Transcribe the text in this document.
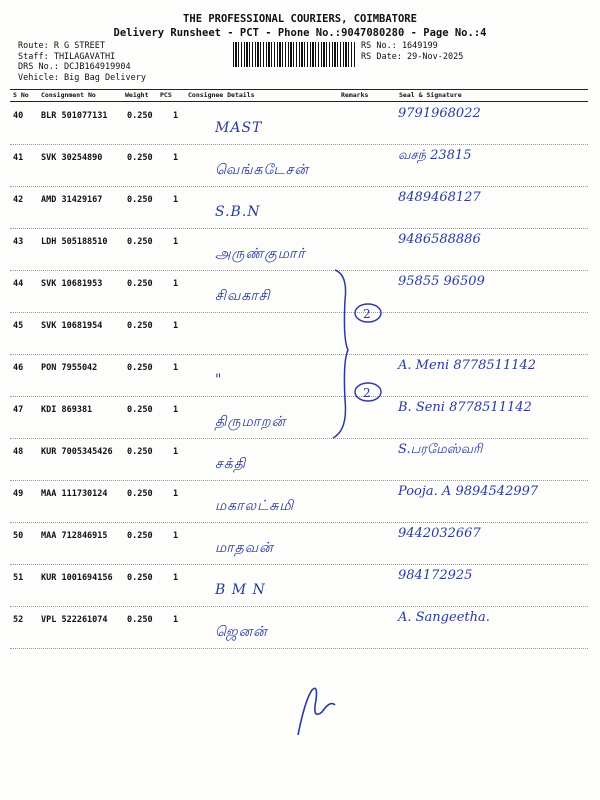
THE PROFESSIONAL COURIERS, COIMBATORE
Delivery Runsheet - PCT - Phone No.:9047080280 - Page No.:4
Route: R G STREET
Staff: THILAGAVATHI
DRS No.: DCJB164919904
Vehicle: Big Bag Delivery
RS No.: 1649199
RS Date: 29-Nov-2025
S No Consignment No	Weight PCS	Consignee Details	Remarks	Seal & Signature
40 BLR 501077131 0.250 1
MAST
9791968022
41 SVK 30254890	0.250 1
வெங்கடேசன்
வசந் 23815
42 AMD 31429167	0.250 1
S.B.N
8489468127
43 LDH 505188510 0.250 1
அருண்குமார்
9486588886
44 SVK 10681953	0.250 1
சிவகாசி
95855 96509
45 SVK 10681954	0.250 1
46 PON 7955042	0.250 1
"
A. Meni 8778511142
47 KDI 869381	0.250 1
திருமாறன்
B. Seni 8778511142
48 KUR 7005345426 0.250 1
சக்தி
S.பரமேஸ்வரி
49 MAA 111730124 0.250 1
மகாலட்சுமி
Pooja. A 9894542997
50 MAA 712846915 0.250 1
மாதவன்
9442032667
51 KUR 1001694156 0.250 1
B M N
984172925
52 VPL 522261074 0.250 1
ஜெனன்
A. Sangeetha.
2
2
